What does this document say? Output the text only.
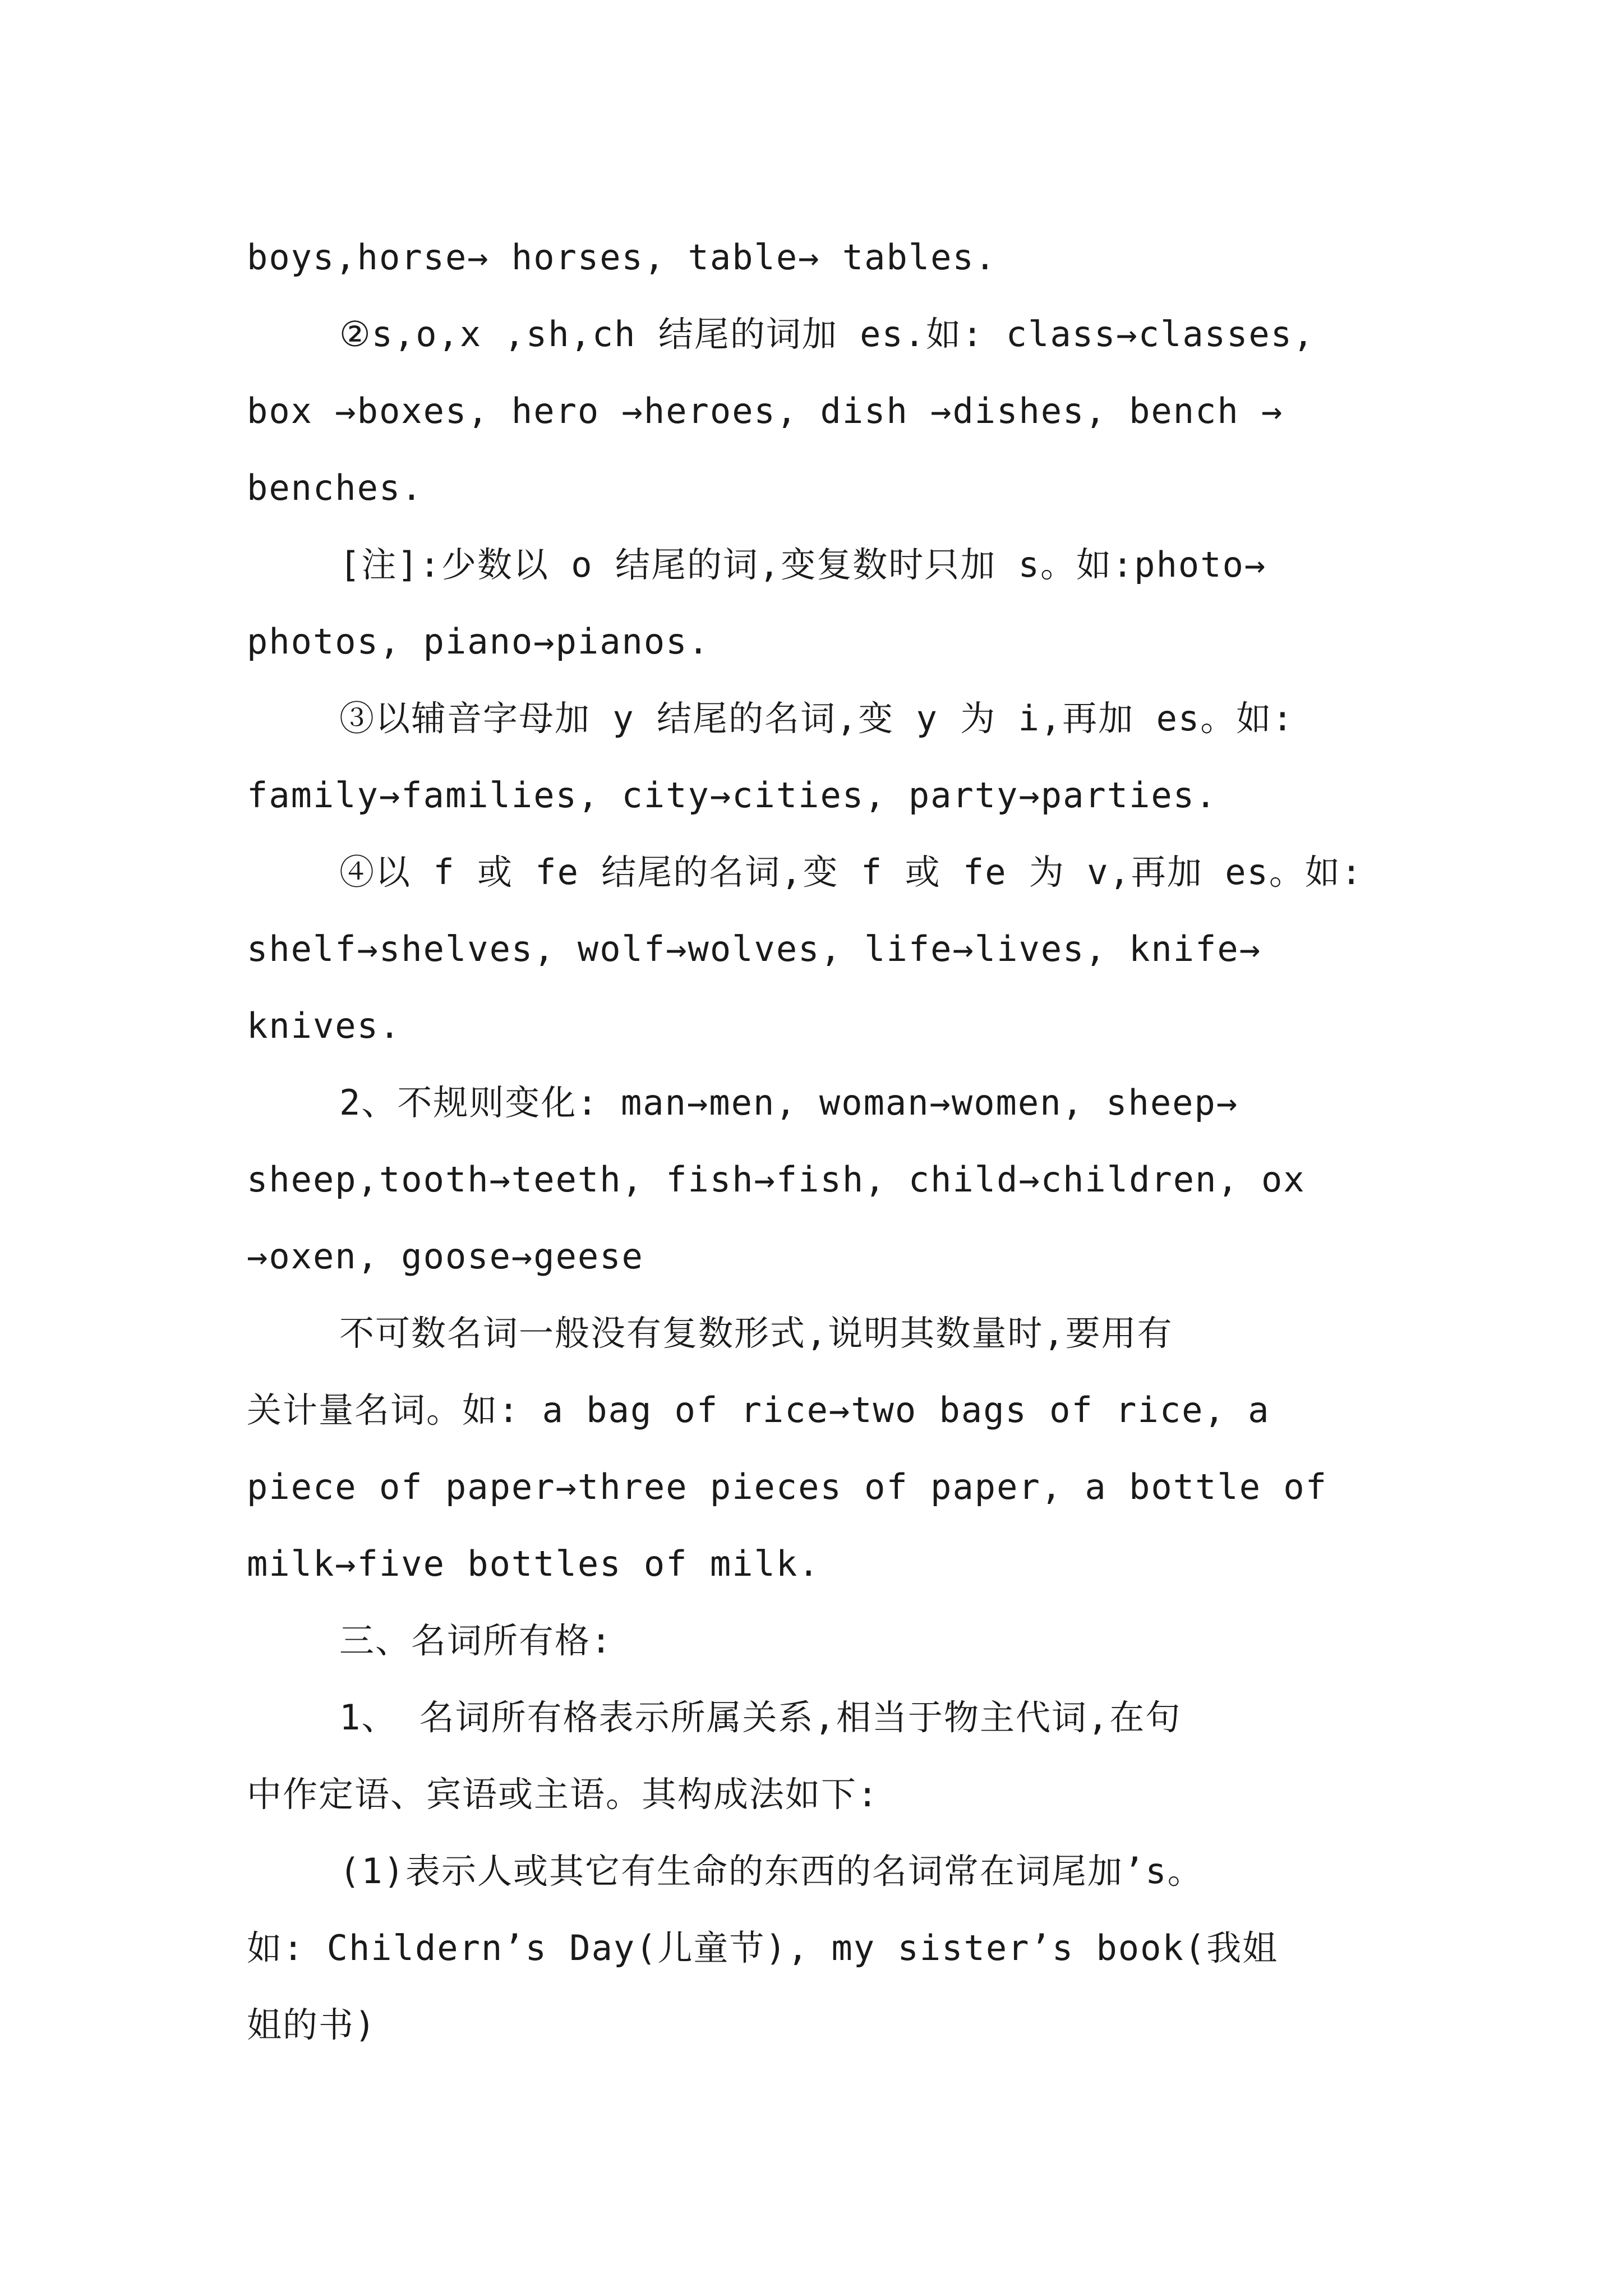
boys,horse→ horses, table→ tables.
②s,o,x ,sh,ch 结尾的词加 es.如: class→classes,
box →boxes, hero →heroes, dish →dishes, bench →
benches.
[注]:少数以 o 结尾的词,变复数时只加 s。如:photo→
photos, piano→pianos.
③以辅音字母加 y 结尾的名词,变 y 为 i,再加 es。如:
family→families, city→cities, party→parties.
④以 f 或 fe 结尾的名词,变 f 或 fe 为 v,再加 es。如:
shelf→shelves, wolf→wolves, life→lives, knife→
knives.
2、不规则变化: man→men, woman→women, sheep→
sheep,tooth→teeth, fish→fish, child→children, ox
→oxen, goose→geese
不可数名词一般没有复数形式,说明其数量时,要用有
关计量名词。如: a bag of rice→two bags of rice, a
piece of paper→three pieces of paper, a bottle of
milk→five bottles of milk.
三、名词所有格:
1、 名词所有格表示所属关系,相当于物主代词,在句
中作定语、宾语或主语。其构成法如下:
(1)表示人或其它有生命的东西的名词常在词尾加’s。
如: Childern’s Day(儿童节), my sister’s book(我姐
姐的书)
